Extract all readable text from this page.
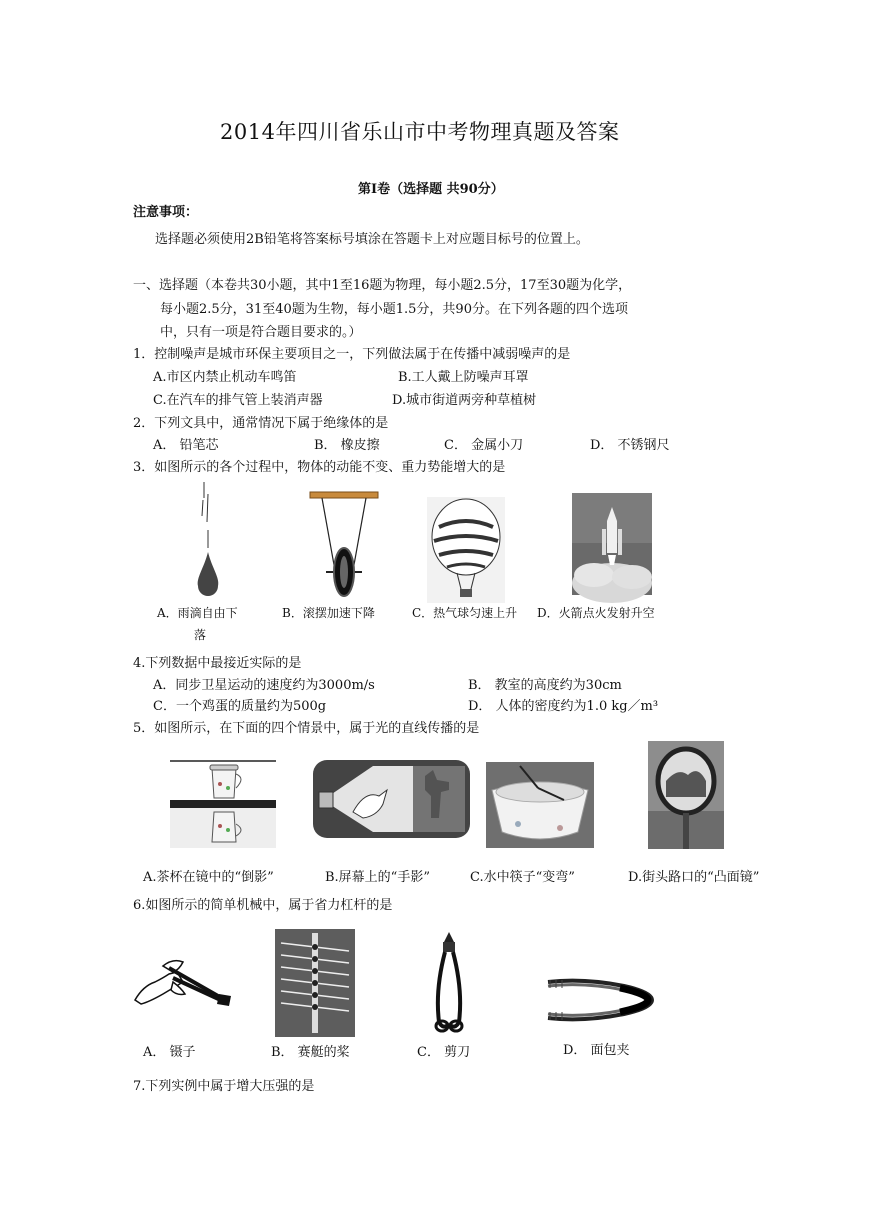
2014年四川省乐山市中考物理真题及答案
第Ⅰ卷（选择题 共90分）
注意事项：
选择题必须使用2B铅笔将答案标号填涂在答题卡上对应题目标号的位置上。
一、选择题（本卷共30小题，其中1至16题为物理，每小题2.5分，17至30题为化学，
每小题2.5分，31至40题为生物，每小题1.5分，共90分。在下列各题的四个选项
中，只有一项是符合题目要求的。）
1．控制噪声是城市环保主要项目之一，下列做法属于在传播中减弱噪声的是
A.市区内禁止机动车鸣笛	B.工人戴上防噪声耳罩
C.在汽车的排气管上装消声器	D.城市街道两旁种草植树
2．下列文具中，通常情况下属于绝缘体的是
A． 铅笔芯	B． 橡皮擦	C． 金属小刀	D． 不锈钢尺
3．如图所示的各个过程中，物体的动能不变、重力势能增大的是
A．雨滴自由下
落
B．滚摆加速下降	C．热气球匀速上升 D．火箭点火发射升空
4.下列数据中最接近实际的是
A．同步卫星运动的速度约为3000m/s	B． 教室的高度约为30cm
C．一个鸡蛋的质量约为500g	D． 人体的密度约为1.0 kg／m³
5．如图所示，在下面的四个情景中，属于光的直线传播的是
A.茶杯在镜中的“倒影”	B.屏幕上的“手影”	C.水中筷子“变弯”	D.街头路口的“凸面镜”
6.如图所示的简单机械中，属于省力杠杆的是
A． 镊子	B． 赛艇的桨	C． 剪刀	D． 面包夹
7.下列实例中属于增大压强的是
